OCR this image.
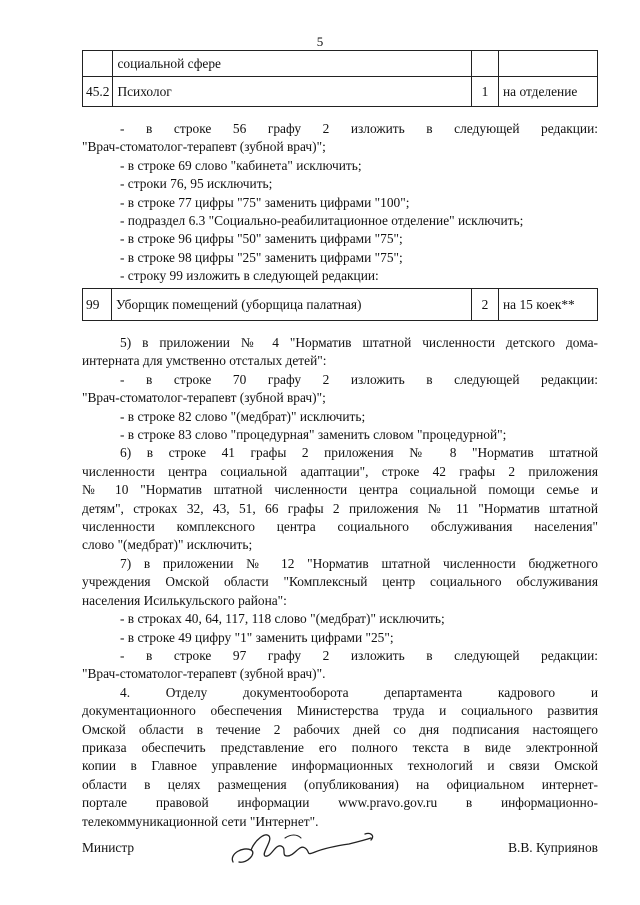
5
	социальной сфере		
45.2	Психолог	1	на отделение
- в строке 56 графу 2 изложить в следующей редакции:
"Врач-стоматолог-терапевт (зубной врач)";
- в строке 69 слово "кабинета" исключить;
- строки 76, 95 исключить;
- в строке 77 цифры "75" заменить цифрами "100";
- подраздел 6.3 "Социально-реабилитационное отделение" исключить;
- в строке 96 цифры "50" заменить цифрами "75";
- в строке 98 цифры "25" заменить цифрами "75";
- строку 99 изложить в следующей редакции:
99	Уборщик помещений (уборщица палатная)	2	на 15 коек**
5) в приложении № 4 "Норматив штатной численности детского дома-
интерната для умственно отсталых детей":
- в строке 70 графу 2 изложить в следующей редакции:
"Врач-стоматолог-терапевт (зубной врач)";
- в строке 82 слово "(медбрат)" исключить;
- в строке 83 слово "процедурная" заменить словом "процедурной";
6) в строке 41 графы 2 приложения № 8 "Норматив штатной
численности центра социальной адаптации", строке 42 графы 2 приложения
№ 10 "Норматив штатной численности центра социальной помощи семье и
детям", строках 32, 43, 51, 66 графы 2 приложения № 11 "Норматив штатной
численности комплексного центра социального обслуживания населения"
слово "(медбрат)" исключить;
7) в приложении № 12 "Норматив штатной численности бюджетного
учреждения Омской области "Комплексный центр социального обслуживания
населения Исилькульского района":
- в строках 40, 64, 117, 118 слово "(медбрат)" исключить;
- в строке 49 цифру "1" заменить цифрами "25";
- в строке 97 графу 2 изложить в следующей редакции:
"Врач-стоматолог-терапевт (зубной врач)".
4. Отделу документооборота департамента кадрового и
документационного обеспечения Министерства труда и социального развития
Омской области в течение 2 рабочих дней со дня подписания настоящего
приказа обеспечить представление его полного текста в виде электронной
копии в Главное управление информационных технологий и связи Омской
области в целях размещения (опубликования) на официальном интернет-
портале правовой информации www.pravo.gov.ru в информационно-
телекоммуникационной сети "Интернет".
Министр	В.В. Куприянов
